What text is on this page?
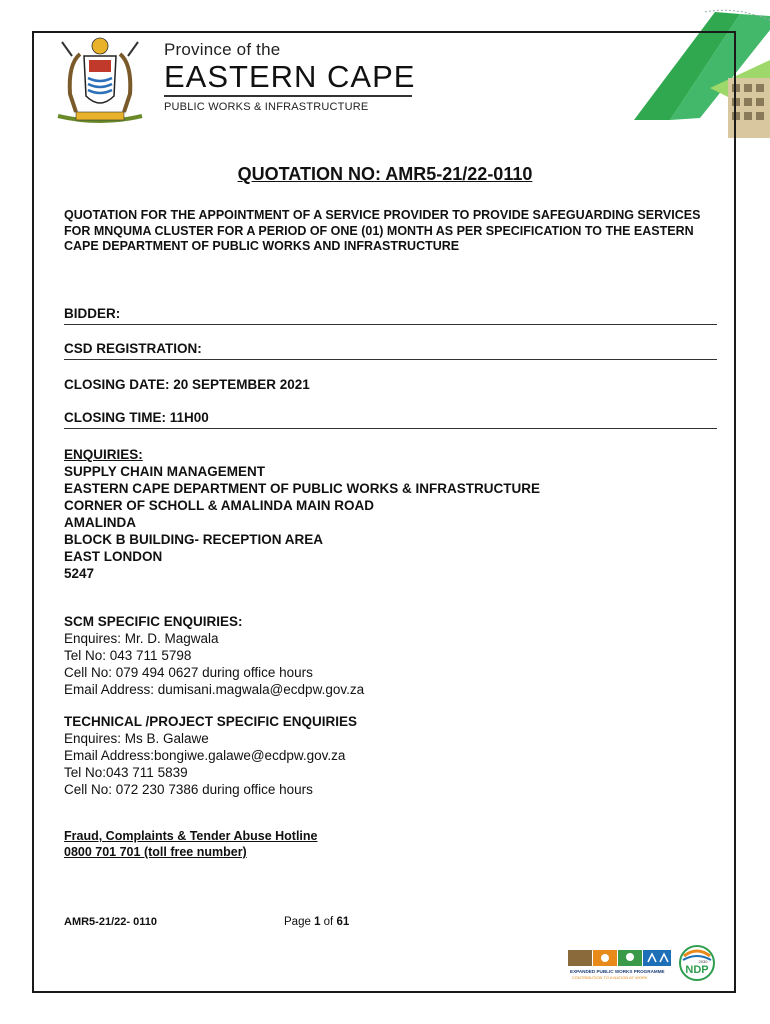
Province of the
EASTERN CAPE
PUBLIC WORKS & INFRASTRUCTURE
QUOTATION NO: AMR5-21/22-0110
QUOTATION FOR THE APPOINTMENT OF A SERVICE PROVIDER TO PROVIDE SAFEGUARDING SERVICES FOR MNQUMA CLUSTER FOR A PERIOD OF ONE (01) MONTH AS PER SPECIFICATION TO THE EASTERN CAPE DEPARTMENT OF PUBLIC WORKS AND INFRASTRUCTURE
BIDDER:
CSD REGISTRATION:
CLOSING DATE: 20 SEPTEMBER 2021
CLOSING TIME: 11H00
ENQUIRIES:
SUPPLY CHAIN MANAGEMENT
EASTERN CAPE DEPARTMENT OF PUBLIC WORKS & INFRASTRUCTURE
CORNER OF SCHOLL & AMALINDA MAIN ROAD
AMALINDA
BLOCK B BUILDING- RECEPTION AREA
EAST LONDON
5247
SCM SPECIFIC ENQUIRIES:
Enquires: Mr. D. Magwala
Tel No: 043 711 5798
Cell No: 079 494 0627 during office hours
Email Address: dumisani.magwala@ecdpw.gov.za
TECHNICAL /PROJECT SPECIFIC ENQUIRIES
Enquires: Ms B. Galawe
Email Address:bongiwe.galawe@ecdpw.gov.za
Tel No:043 711 5839
Cell No: 072 230 7386 during office hours
Fraud, Complaints & Tender Abuse Hotline
0800 701 701 (toll free number)
AMR5-21/22- 0110	Page 1 of 61
EXPANDED PUBLIC WORKS PROGRAMME
CONTRIBUTION TO A NATION AT WORK
NDP
2030
